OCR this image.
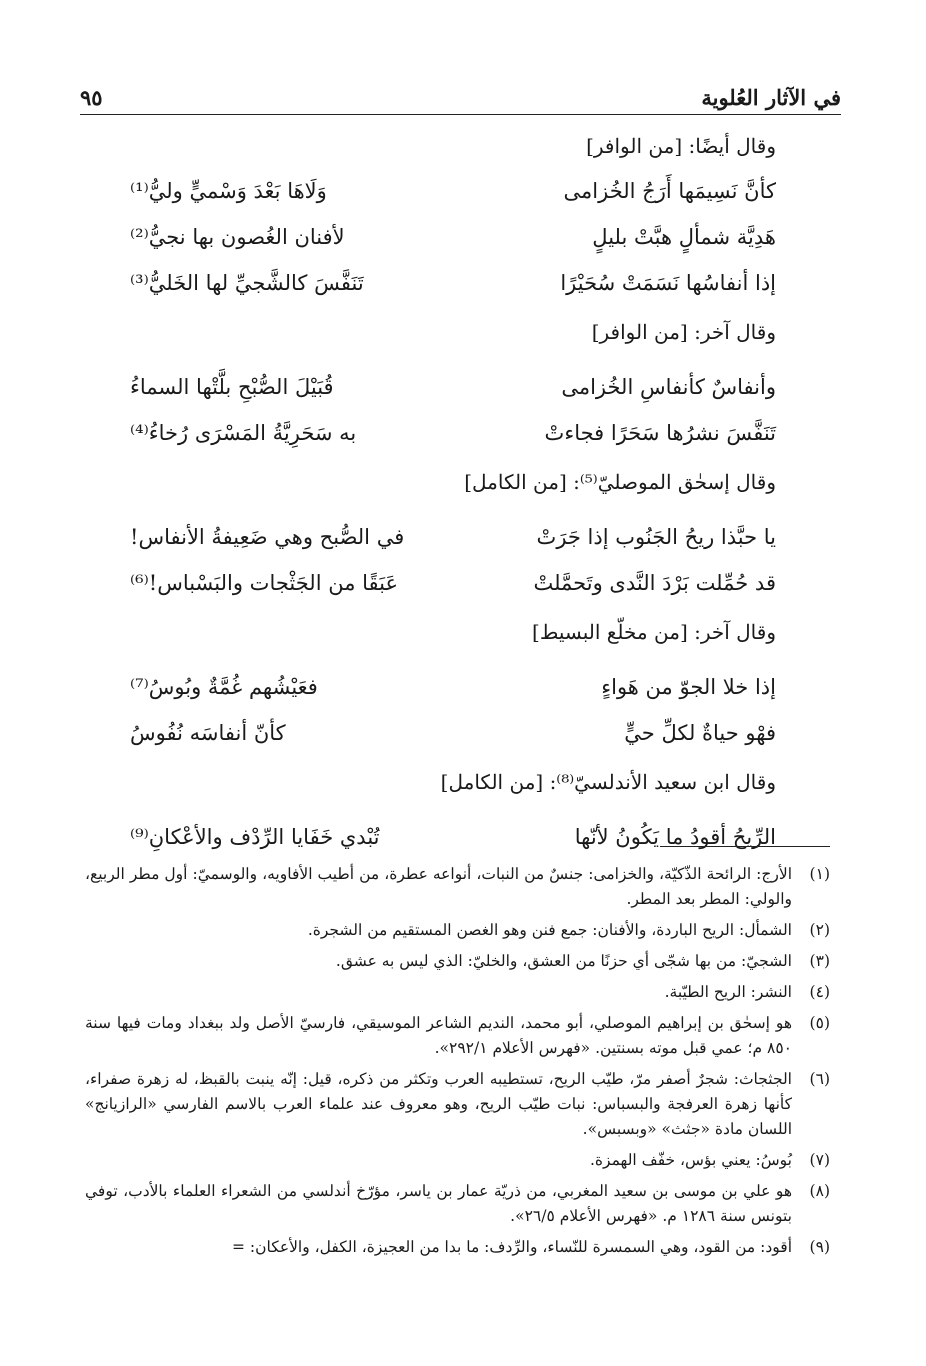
في الآثار العُلوية
٩٥
وقال أيضًا: [من الوافر]
كأنَّ نَسِيمَها أَرَجُ الخُزامى
وَلَاهَا بَعْدَ وَسْميٍّ وليُّ⁽¹⁾
هَدِيَّة شمألٍ هبَّتْ بليلٍ
لأفنان الغُصون بها نجيُّ⁽²⁾
إذا أنفاسُها نَسَمَتْ سُحَيْرًا
تَنَفَّسَ كالشَّجيِّ لها الخَليُّ⁽³⁾
وقال آخر: [من الوافر]
وأنفاسٌ كأنفاسِ الخُزامى
قُبَيْلَ الصُّبْحِ بلَّتْها السماءُ
تَنَفَّسَ نشرُها سَحَرًا فجاءتْ
به سَحَرِيَّةُ المَسْرَى رُخاءُ⁽⁴⁾
وقال إسحٰق الموصليّ⁽⁵⁾: [من الكامل]
يا حبَّذا ريحُ الجَنُوب إذا جَرَتْ
في الصُّبح وهي ضَعِيفةُ الأنفاس!
قد حُمِّلت بَرْدَ النَّدى وتَحمَّلتْ
عَبَقًا من الجَثْجات والبَسْباس!⁽⁶⁾
وقال آخر: [من مخلّع البسيط]
إذا خلا الجوّ من هَواءٍ
فعَيْشُهم غُمَّةٌ وبُوسُ⁽⁷⁾
فهْو حياةٌ لكلِّ حيٍّ
كأنّ أنفاسَه نُفُوسُ
وقال ابن سعيد الأندلسيّ⁽⁸⁾: [من الكامل]
الرِّيحُ أقودُ ما يَكُونُ لأنّها
تُبْدي خَفَايا الرِّدْف والأعْكانِ⁽⁹⁾
(١)
الأرج: الرائحة الذّكيّة، والخزامى: جنسٌ من النبات، أنواعه عطرة، من أطيب الأفاويه، والوسميّ: أول مطر الربيع، والولي: المطر بعد المطر.
(٢)
الشمأل: الريح الباردة، والأفنان: جمع فنن وهو الغصن المستقيم من الشجرة.
(٣)
الشجيّ: من بها شجّى أي حزنًا من العشق، والخليّ: الذي ليس به عشق.
(٤)
النشر: الريح الطيّبة.
(٥)
هو إسحٰق بن إبراهيم الموصلي، أبو محمد، النديم الشاعر الموسيقي، فارسيّ الأصل ولد ببغداد ومات فيها سنة ٨٥٠ م؛ عمي قبل موته بسنتين. «فهرس الأعلام ٢٩٢/١».
(٦)
الجثجاث: شجرٌ أصفر مرّ، طيّب الريح، تستطيبه العرب وتكثر من ذكره، قيل: إنّه ينبت بالقبظ، له زهرة صفراء، كأنها زهرة العرفجة والبسباس: نبات طيّب الريح، وهو معروف عند علماء العرب بالاسم الفارسي «الرازيانج» اللسان مادة «جثث» «وبسبس».
(٧)
بُوسُ: يعني بؤس، خفّف الهمزة.
(٨)
هو علي بن موسى بن سعيد المغربي، من ذريّة عمار بن ياسر، مؤرّخ أندلسي من الشعراء العلماء بالأدب، توفي بتونس سنة ١٢٨٦ م. «فهرس الأعلام ٢٦/٥».
(٩)
أقود: من القود، وهي السمسرة للنّساء، والرِّدف: ما بدا من العجيزة، الكفل، والأعكان: =
